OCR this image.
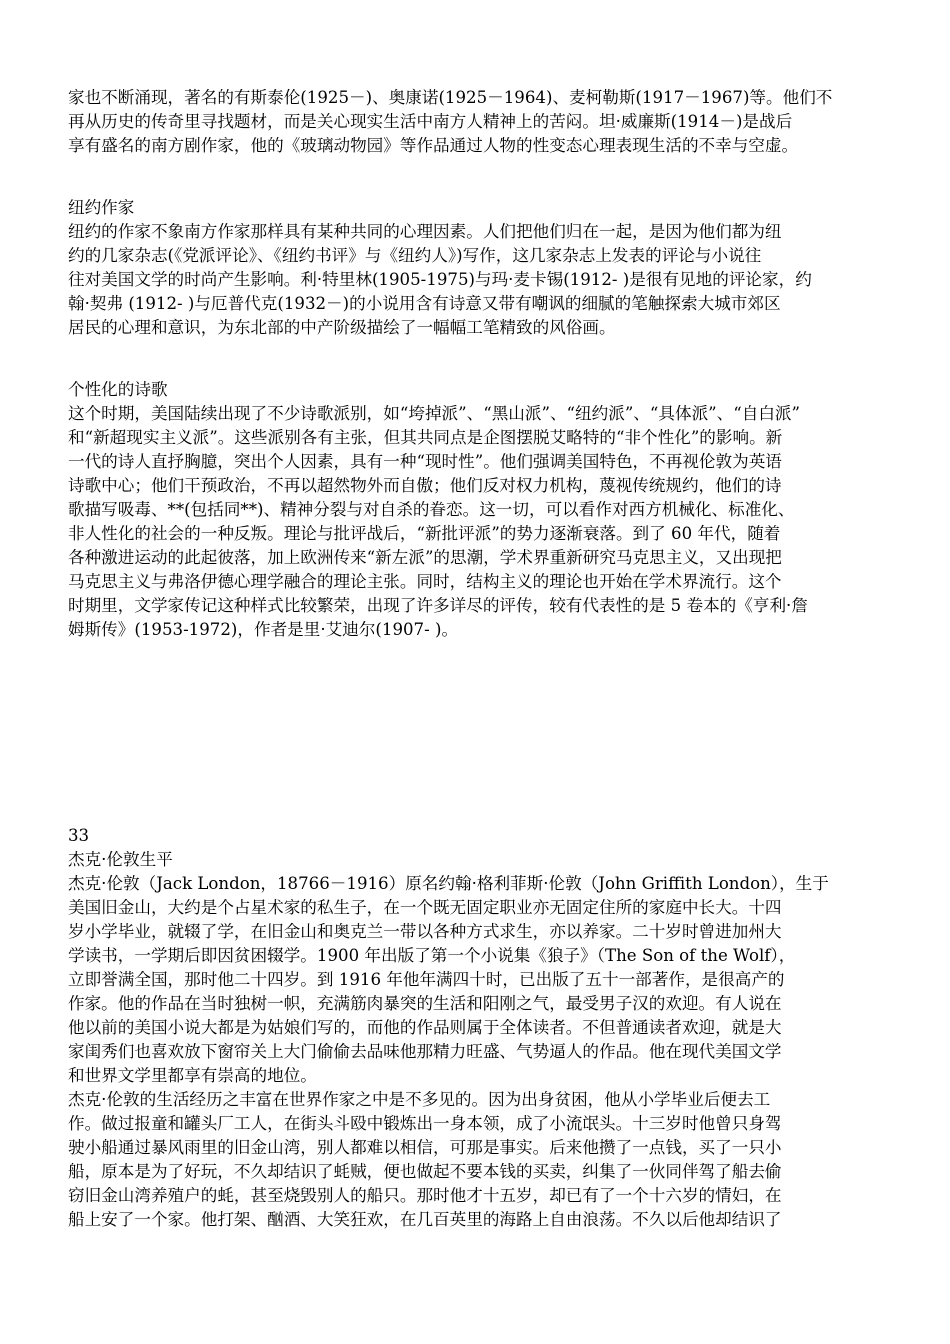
家也不断涌现，著名的有斯泰伦(1925－)、奥康诺(1925－1964)、麦柯勒斯(1917－1967)等。他们不
再从历史的传奇里寻找题材，而是关心现实生活中南方人精神上的苦闷。坦·威廉斯(1914－)是战后
享有盛名的南方剧作家，他的《玻璃动物园》等作品通过人物的性变态心理表现生活的不幸与空虚。
纽约作家
纽约的作家不象南方作家那样具有某种共同的心理因素。人们把他们归在一起，是因为他们都为纽
约的几家杂志(《党派评论》、《纽约书评》与《纽约人》)写作，这几家杂志上发表的评论与小说往
往对美国文学的时尚产生影响。利·特里林(1905-1975)与玛·麦卡锡(1912- )是很有见地的评论家，约
翰·契弗 (1912- )与厄普代克(1932－)的小说用含有诗意又带有嘲讽的细腻的笔触探索大城市郊区
居民的心理和意识，为东北部的中产阶级描绘了一幅幅工笔精致的风俗画。
个性化的诗歌
这个时期，美国陆续出现了不少诗歌派别，如“垮掉派”、“黑山派”、“纽约派”、“具体派”、“自白派”
和“新超现实主义派”。这些派别各有主张，但其共同点是企图摆脱艾略特的“非个性化”的影响。新
一代的诗人直抒胸臆，突出个人因素，具有一种“现时性”。他们强调美国特色，不再视伦敦为英语
诗歌中心；他们干预政治，不再以超然物外而自傲；他们反对权力机构，蔑视传统规约，他们的诗
歌描写吸毒、**(包括同**)、精神分裂与对自杀的眷恋。这一切，可以看作对西方机械化、标准化、
非人性化的社会的一种反叛。理论与批评战后，“新批评派”的势力逐渐衰落。到了 60 年代，随着
各种激进运动的此起彼落，加上欧洲传来“新左派”的思潮，学术界重新研究马克思主义，又出现把
马克思主义与弗洛伊德心理学融合的理论主张。同时，结构主义的理论也开始在学术界流行。这个
时期里，文学家传记这种样式比较繁荣，出现了许多详尽的评传，较有代表性的是 5 卷本的《亨利·詹
姆斯传》(1953-1972)，作者是里·艾迪尔(1907- )。
33
杰克·伦敦生平
杰克·伦敦（Jack London，18766－1916）原名约翰·格利菲斯·伦敦（John Griffith London），生于
美国旧金山，大约是个占星术家的私生子，在一个既无固定职业亦无固定住所的家庭中长大。十四
岁小学毕业，就辍了学，在旧金山和奥克兰一带以各种方式求生，亦以养家。二十岁时曾进加州大
学读书，一学期后即因贫困辍学。1900 年出版了第一个小说集《狼子》（The Son of the Wolf），
立即誉满全国，那时他二十四岁。到 1916 年他年满四十时，已出版了五十一部著作，是很高产的
作家。他的作品在当时独树一帜，充满筋肉暴突的生活和阳刚之气，最受男子汉的欢迎。有人说在
他以前的美国小说大都是为姑娘们写的，而他的作品则属于全体读者。不但普通读者欢迎，就是大
家闺秀们也喜欢放下窗帘关上大门偷偷去品味他那精力旺盛、气势逼人的作品。他在现代美国文学
和世界文学里都享有崇高的地位。
杰克·伦敦的生活经历之丰富在世界作家之中是不多见的。因为出身贫困，他从小学毕业后便去工
作。做过报童和罐头厂工人，在街头斗殴中锻炼出一身本领，成了小流氓头。十三岁时他曾只身驾
驶小船通过暴风雨里的旧金山湾，别人都难以相信，可那是事实。后来他攒了一点钱，买了一只小
船，原本是为了好玩，不久却结识了蚝贼，便也做起不要本钱的买卖，纠集了一伙同伴驾了船去偷
窃旧金山湾养殖户的蚝，甚至烧毁别人的船只。那时他才十五岁，却已有了一个十六岁的情妇，在
船上安了一个家。他打架、酗酒、大笑狂欢，在几百英里的海路上自由浪荡。不久以后他却结识了
